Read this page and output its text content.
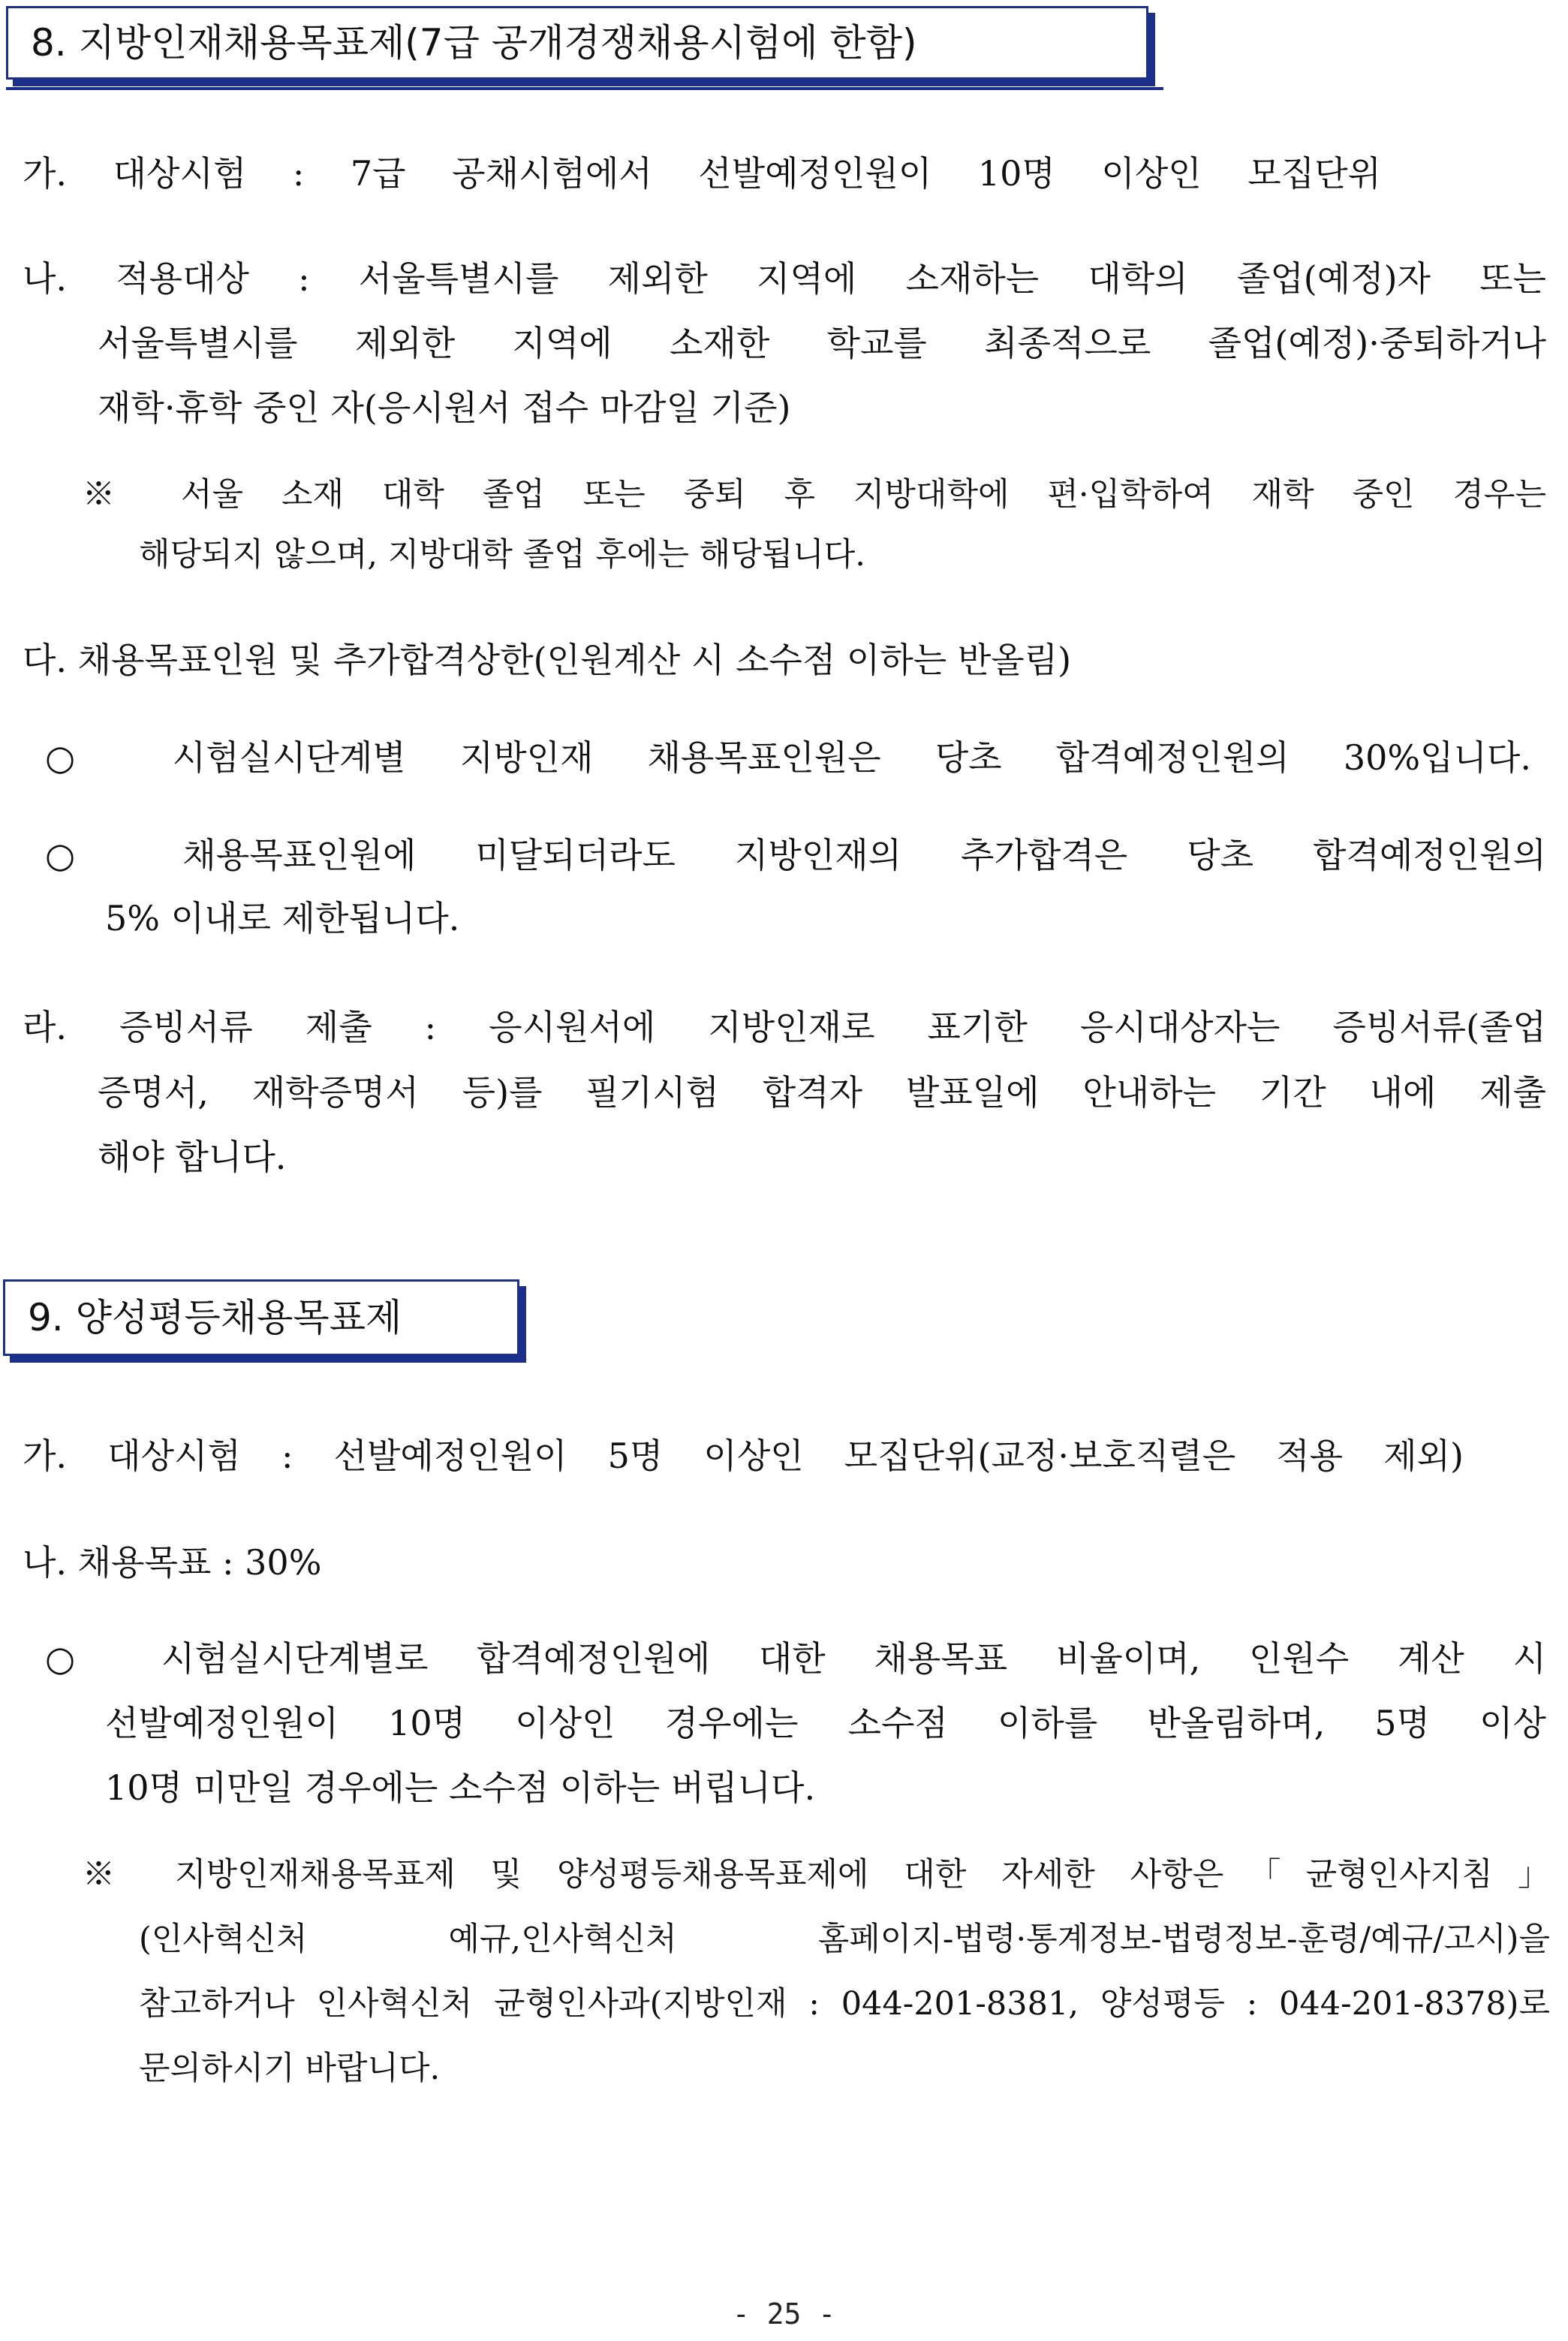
8. 지방인재채용목표제(7급 공개경쟁채용시험에 한함)
가. 대상시험 : 7급 공채시험에서 선발예정인원이 10명 이상인 모집단위
나. 적용대상 : 서울특별시를 제외한 지역에 소재하는 대학의 졸업(예정)자 또는
서울특별시를 제외한 지역에 소재한 학교를 최종적으로 졸업(예정)·중퇴하거나
재학·휴학 중인 자(응시원서 접수 마감일 기준)
※ 서울 소재 대학 졸업 또는 중퇴 후 지방대학에 편·입학하여 재학 중인 경우는
해당되지 않으며, 지방대학 졸업 후에는 해당됩니다.
다. 채용목표인원 및 추가합격상한(인원계산 시 소수점 이하는 반올림)
○ 시험실시단계별 지방인재 채용목표인원은 당초 합격예정인원의 30%입니다.
○ 채용목표인원에 미달되더라도 지방인재의 추가합격은 당초 합격예정인원의
5% 이내로 제한됩니다.
라. 증빙서류 제출 : 응시원서에 지방인재로 표기한 응시대상자는 증빙서류(졸업
증명서, 재학증명서 등)를 필기시험 합격자 발표일에 안내하는 기간 내에 제출
해야 합니다.
9. 양성평등채용목표제
가. 대상시험 : 선발예정인원이 5명 이상인 모집단위(교정·보호직렬은 적용 제외)
나. 채용목표 : 30%
○ 시험실시단계별로 합격예정인원에 대한 채용목표 비율이며, 인원수 계산 시
선발예정인원이 10명 이상인 경우에는 소수점 이하를 반올림하며, 5명 이상
10명 미만일 경우에는 소수점 이하는 버립니다.
※ 지방인재채용목표제 및 양성평등채용목표제에 대한 자세한 사항은「균형인사지침」
(인사혁신처 예규,인사혁신처 홈페이지-법령·통계정보-법령정보-훈령/예규/고시)을
참고하거나 인사혁신처 균형인사과(지방인재 : 044-201-8381, 양성평등 : 044-201-8378)로
문의하시기 바랍니다.
- 25 -
